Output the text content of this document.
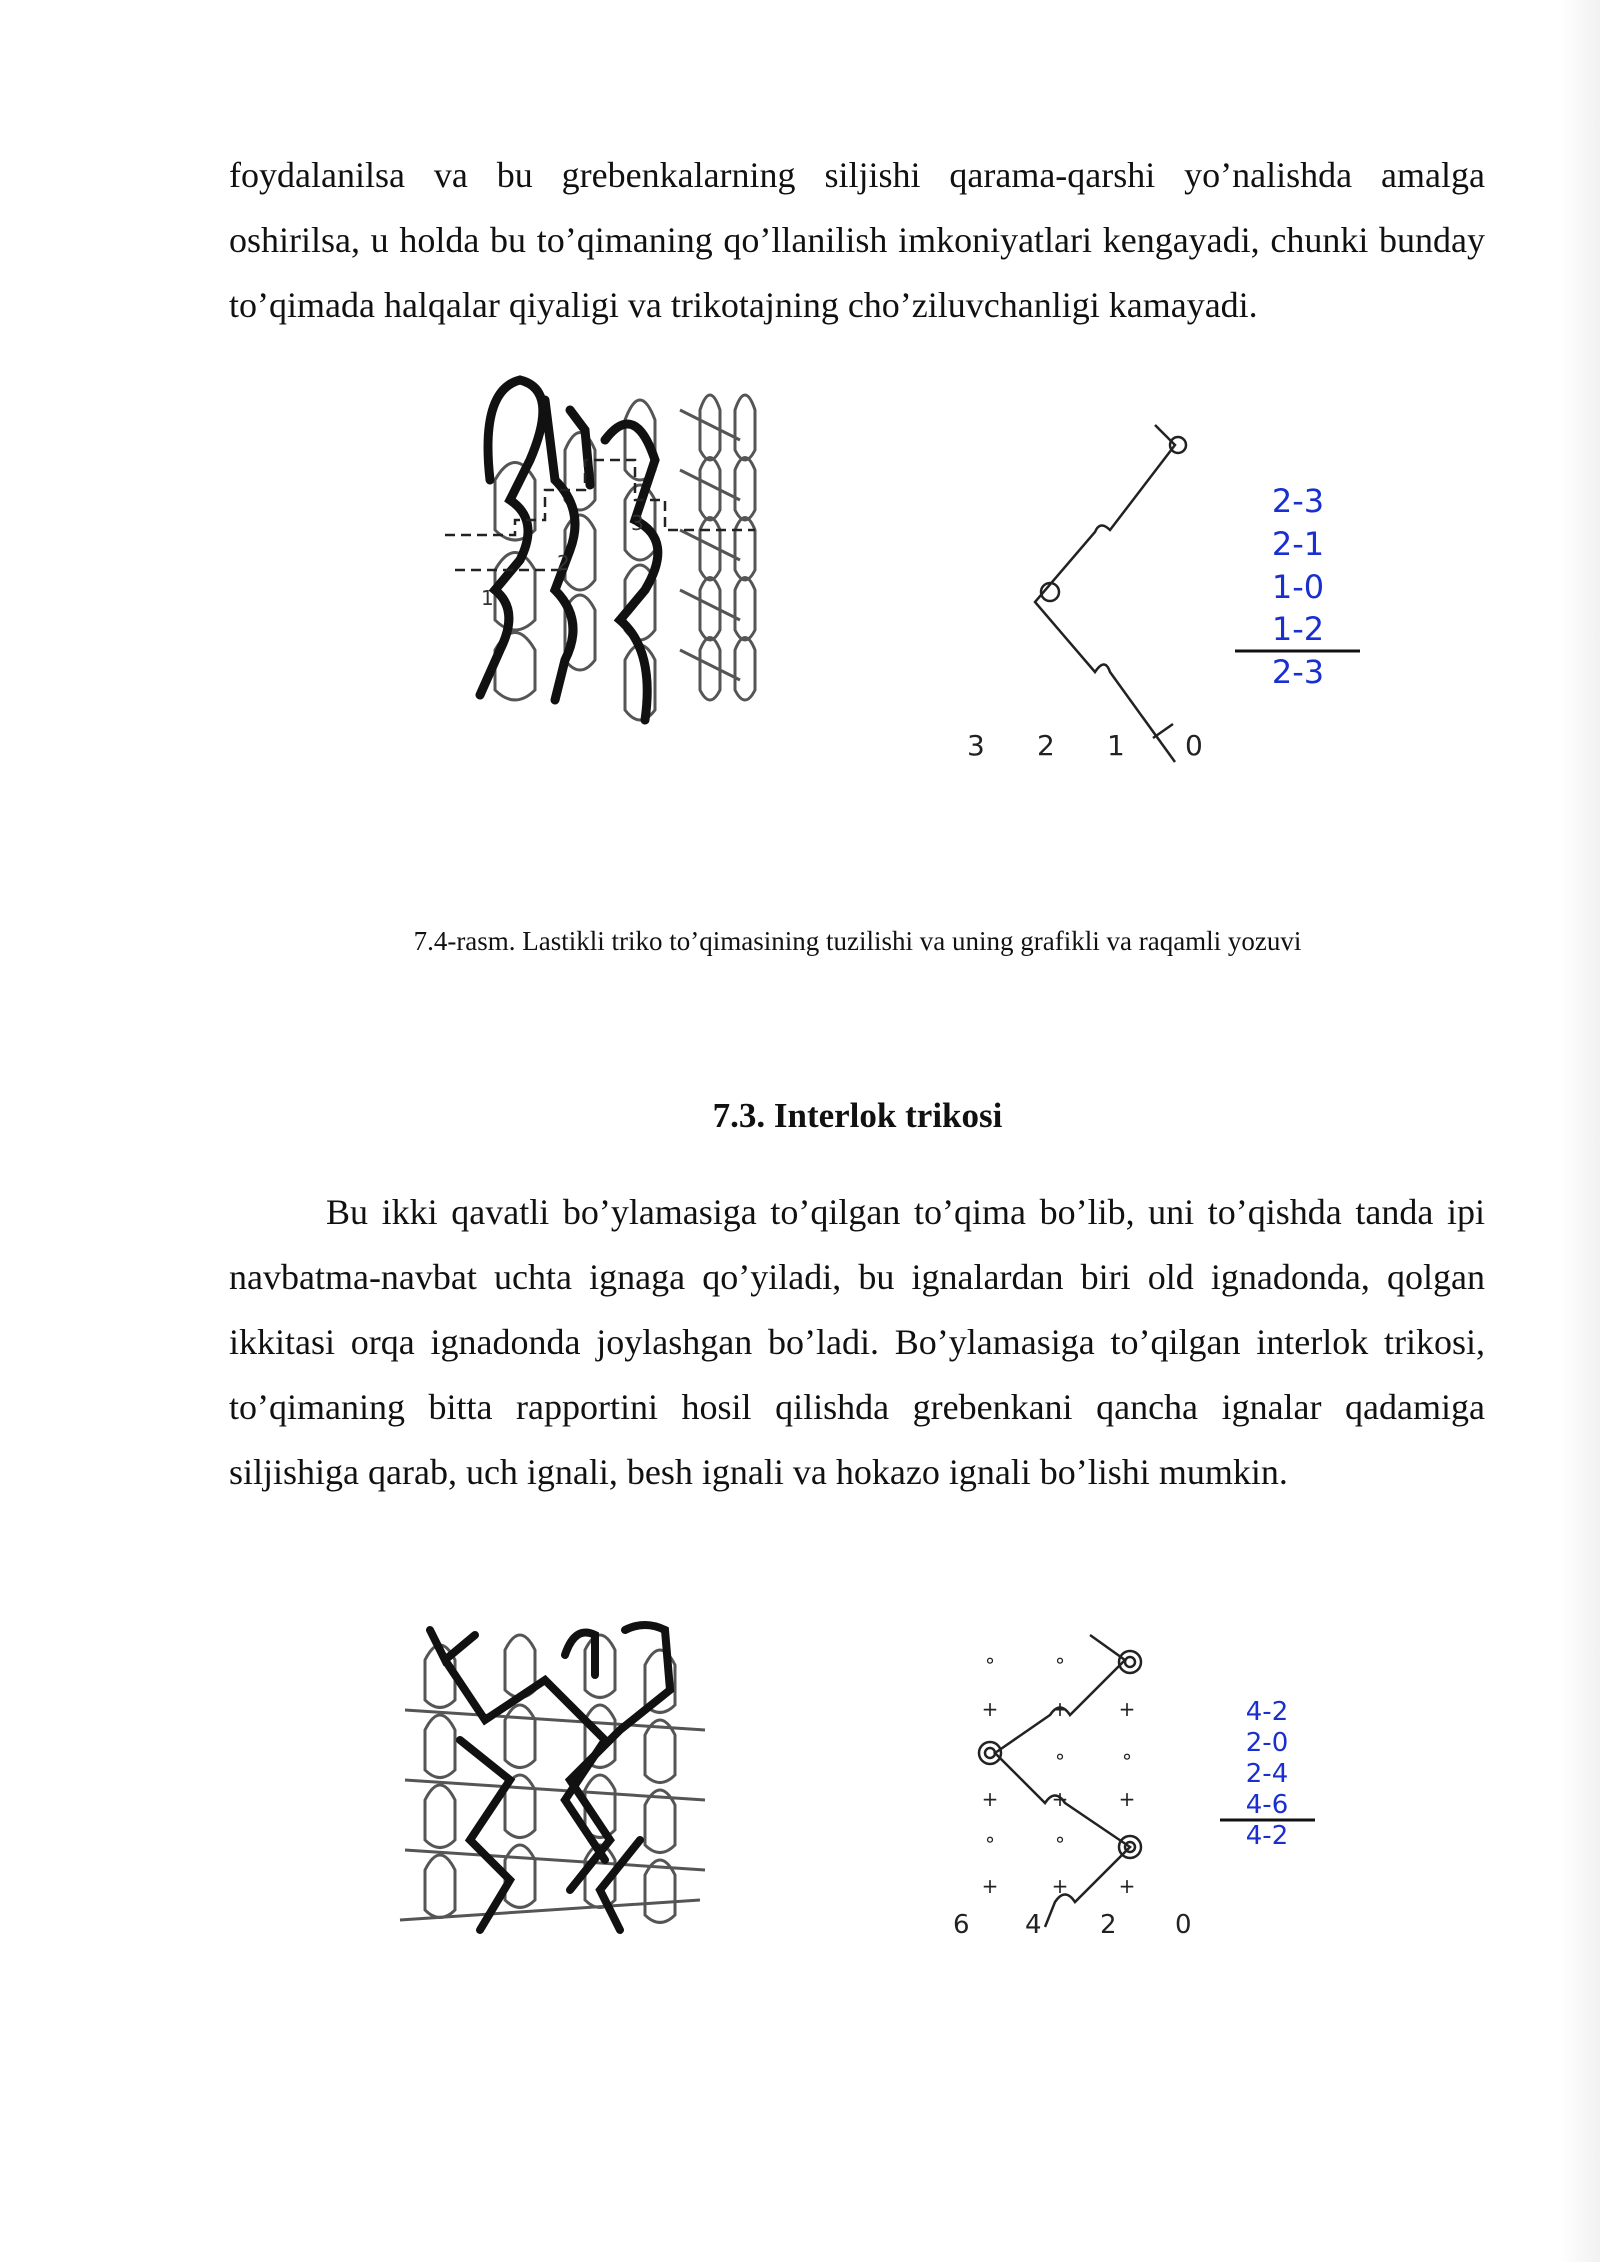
foydalanilsa va bu grebenkalarning siljishi qarama-qarshi yo’nalishda amalga oshirilsa, u holda bu to’qimaning qo’llanilish imkoniyatlari kengayadi, chunki bunday to’qimada halqalar qiyaligi va trikotajning cho’ziluvchanligi kamayadi.

1
2
3
3 2 1 0
2-3
2-1
1-0
1-2
2-3
7.4-rasm. Lastikli triko to’qimasining tuzilishi va uning grafikli va raqamli yozuvi
7.3. Interlok trikosi

Bu ikki qavatli bo’ylamasiga to’qilgan to’qima bo’lib, uni to’qishda tanda ipi navbatma-navbat uchta ignaga qo’yiladi, bu ignalardan biri old ignadonda, qolgan ikkitasi orqa ignadonda joylashgan bo’ladi. Bo’ylamasiga to’qilgan interlok trikosi, to’qimaning bitta rapportini hosil qilishda grebenkani qancha ignalar qadamiga siljishiga qarab, uch ignali, besh ignali va hokazo ignali bo’lishi mumkin.

∘	∘
+	+	+
∘	∘
+	+	+
∘	∘
+	+	+
6 4 2 0
4-2
2-0
2-4
4-6
4-2
